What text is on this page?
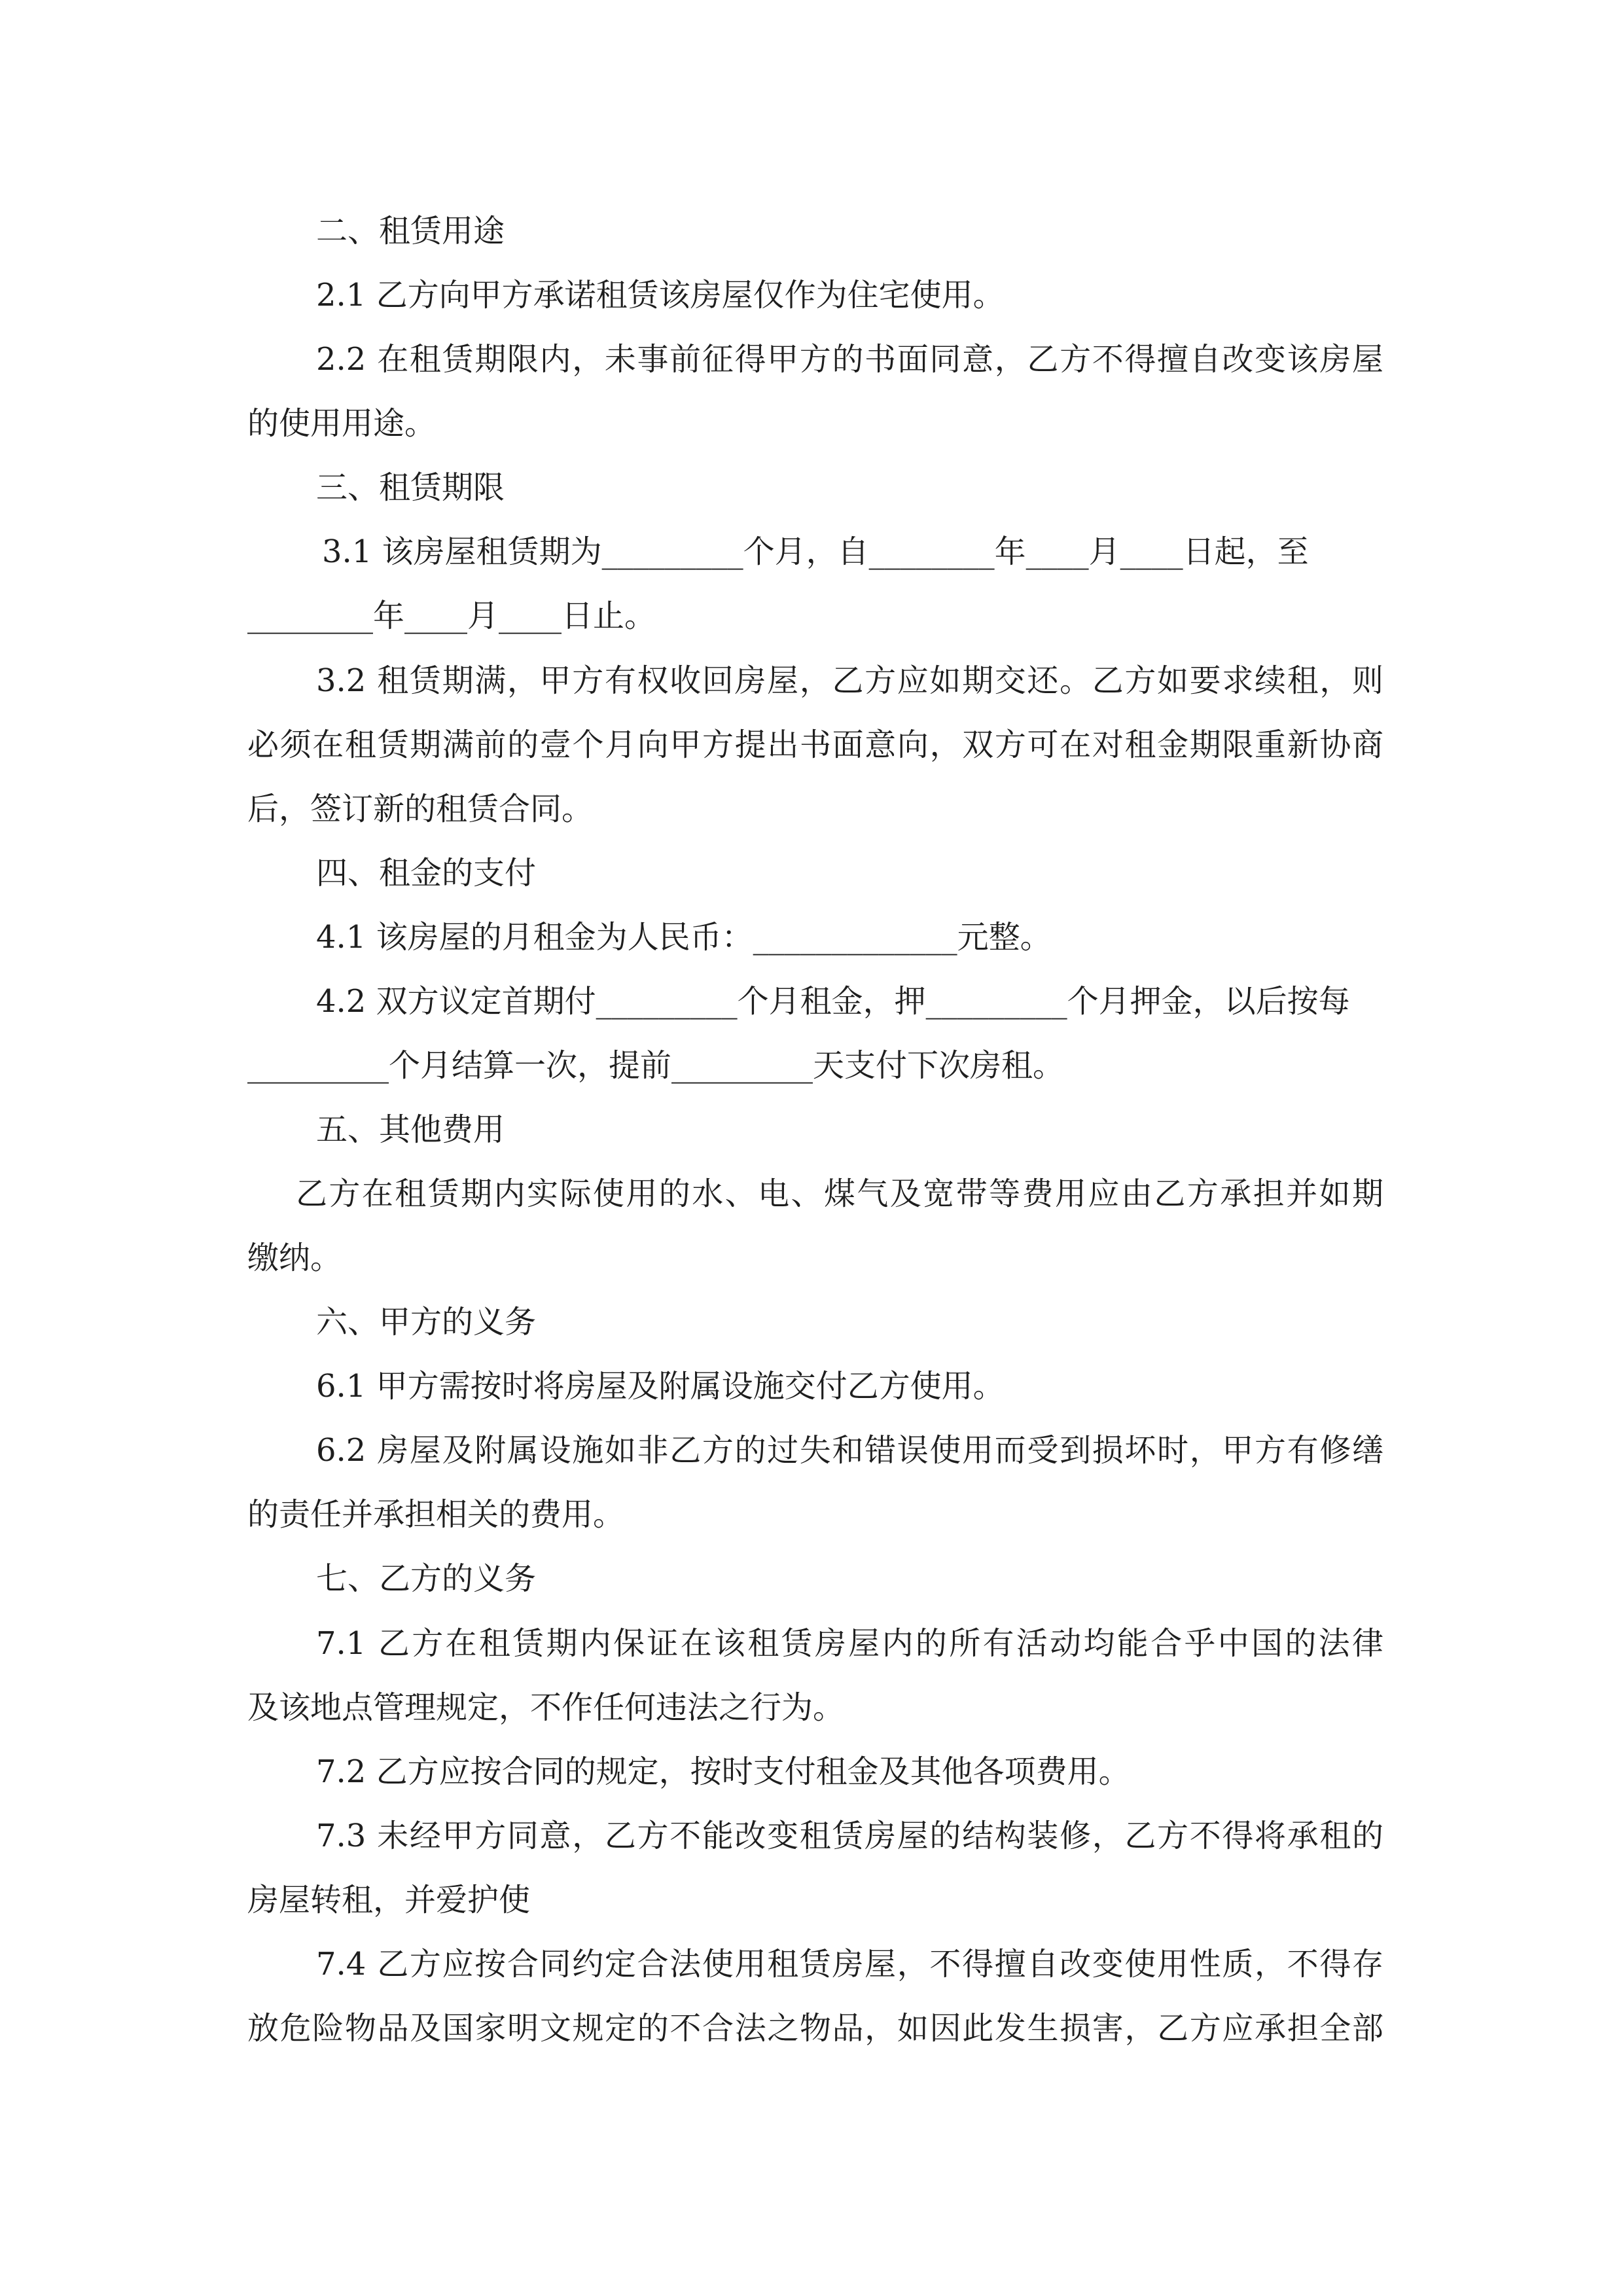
二、租赁用途
2.1 乙方向甲方承诺租赁该房屋仅作为住宅使用。
2.2 在租赁期限内，未事前征得甲方的书面同意，乙方不得擅自改变该房屋
的使用用途。
三、租赁期限
3.1 该房屋租赁期为_________个月，自________年____月____日起，至
________年____月____日止。
3.2 租赁期满，甲方有权收回房屋，乙方应如期交还。乙方如要求续租，则
必须在租赁期满前的壹个月向甲方提出书面意向，双方可在对租金期限重新协商
后，签订新的租赁合同。
四、租金的支付
4.1 该房屋的月租金为人民币：_____________元整。
4.2 双方议定首期付_________个月租金，押_________个月押金，以后按每
_________个月结算一次，提前_________天支付下次房租。
五、其他费用
乙方在租赁期内实际使用的水、电、煤气及宽带等费用应由乙方承担并如期
缴纳。
六、甲方的义务
6.1 甲方需按时将房屋及附属设施交付乙方使用。
6.2 房屋及附属设施如非乙方的过失和错误使用而受到损坏时，甲方有修缮
的责任并承担相关的费用。
七、乙方的义务
7.1 乙方在租赁期内保证在该租赁房屋内的所有活动均能合乎中国的法律
及该地点管理规定，不作任何违法之行为。
7.2 乙方应按合同的规定，按时支付租金及其他各项费用。
7.3 未经甲方同意，乙方不能改变租赁房屋的结构装修，乙方不得将承租的
房屋转租，并爱护使
7.4 乙方应按合同约定合法使用租赁房屋，不得擅自改变使用性质，不得存
放危险物品及国家明文规定的不合法之物品，如因此发生损害，乙方应承担全部
